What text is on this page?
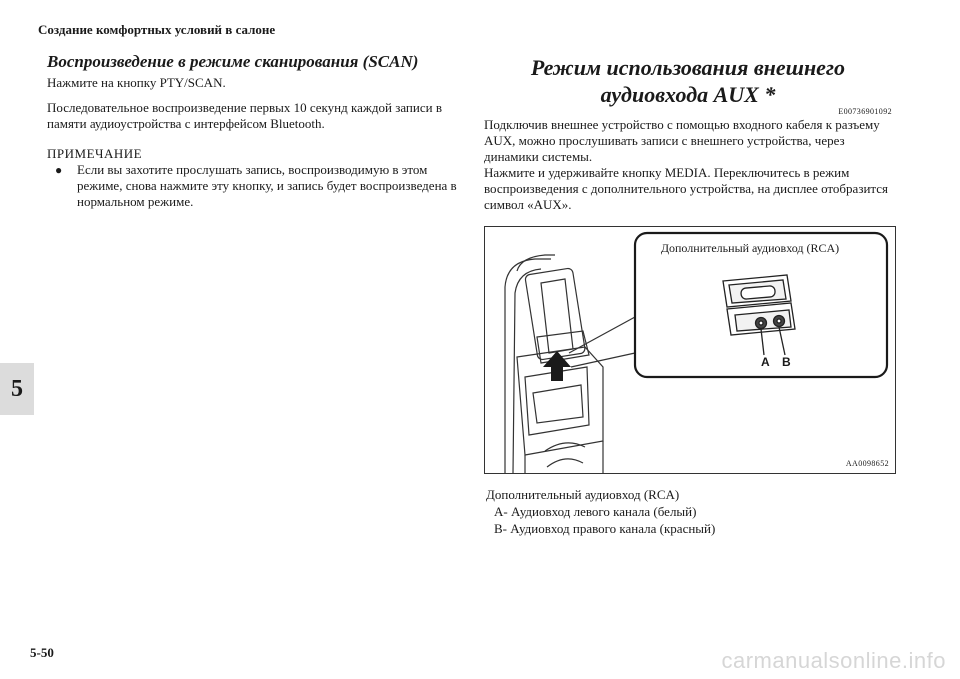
Создание комфортных условий в салоне
5
Воспроизведение в режиме сканирования (SCAN)

Нажмите на кнопку PTY/SCAN.

Последовательное воспроизведение первых 10 секунд каждой записи в памяти аудиоустройства с интерфейсом Bluetooth.

ПРИМЕЧАНИЕ
● Если вы захотите прослушать запись, воспроизводимую в этом режиме, снова нажмите эту кнопку, и запись будет воспроизведена в нормальном режиме.
Режим использования внешнего
аудиовхода AUX *
E00736901092

Подключив внешнее устройство с помощью входного кабеля к разъему AUX, можно прослушивать записи с внешнего устройства, через динамики системы.

Нажмите и удерживайте кнопку MEDIA. Переключитесь в режим воспроизведения с дополнительного устройства, на дисплее отобразится символ «AUX».

Дополнительный аудиовход (RCA)
A B
AA0098652
Дополнительный аудиовход (RCA)
A- Аудиовход левого канала (белый)
B- Аудиовход правого канала (красный)
5-50	carmanualsonline.info
